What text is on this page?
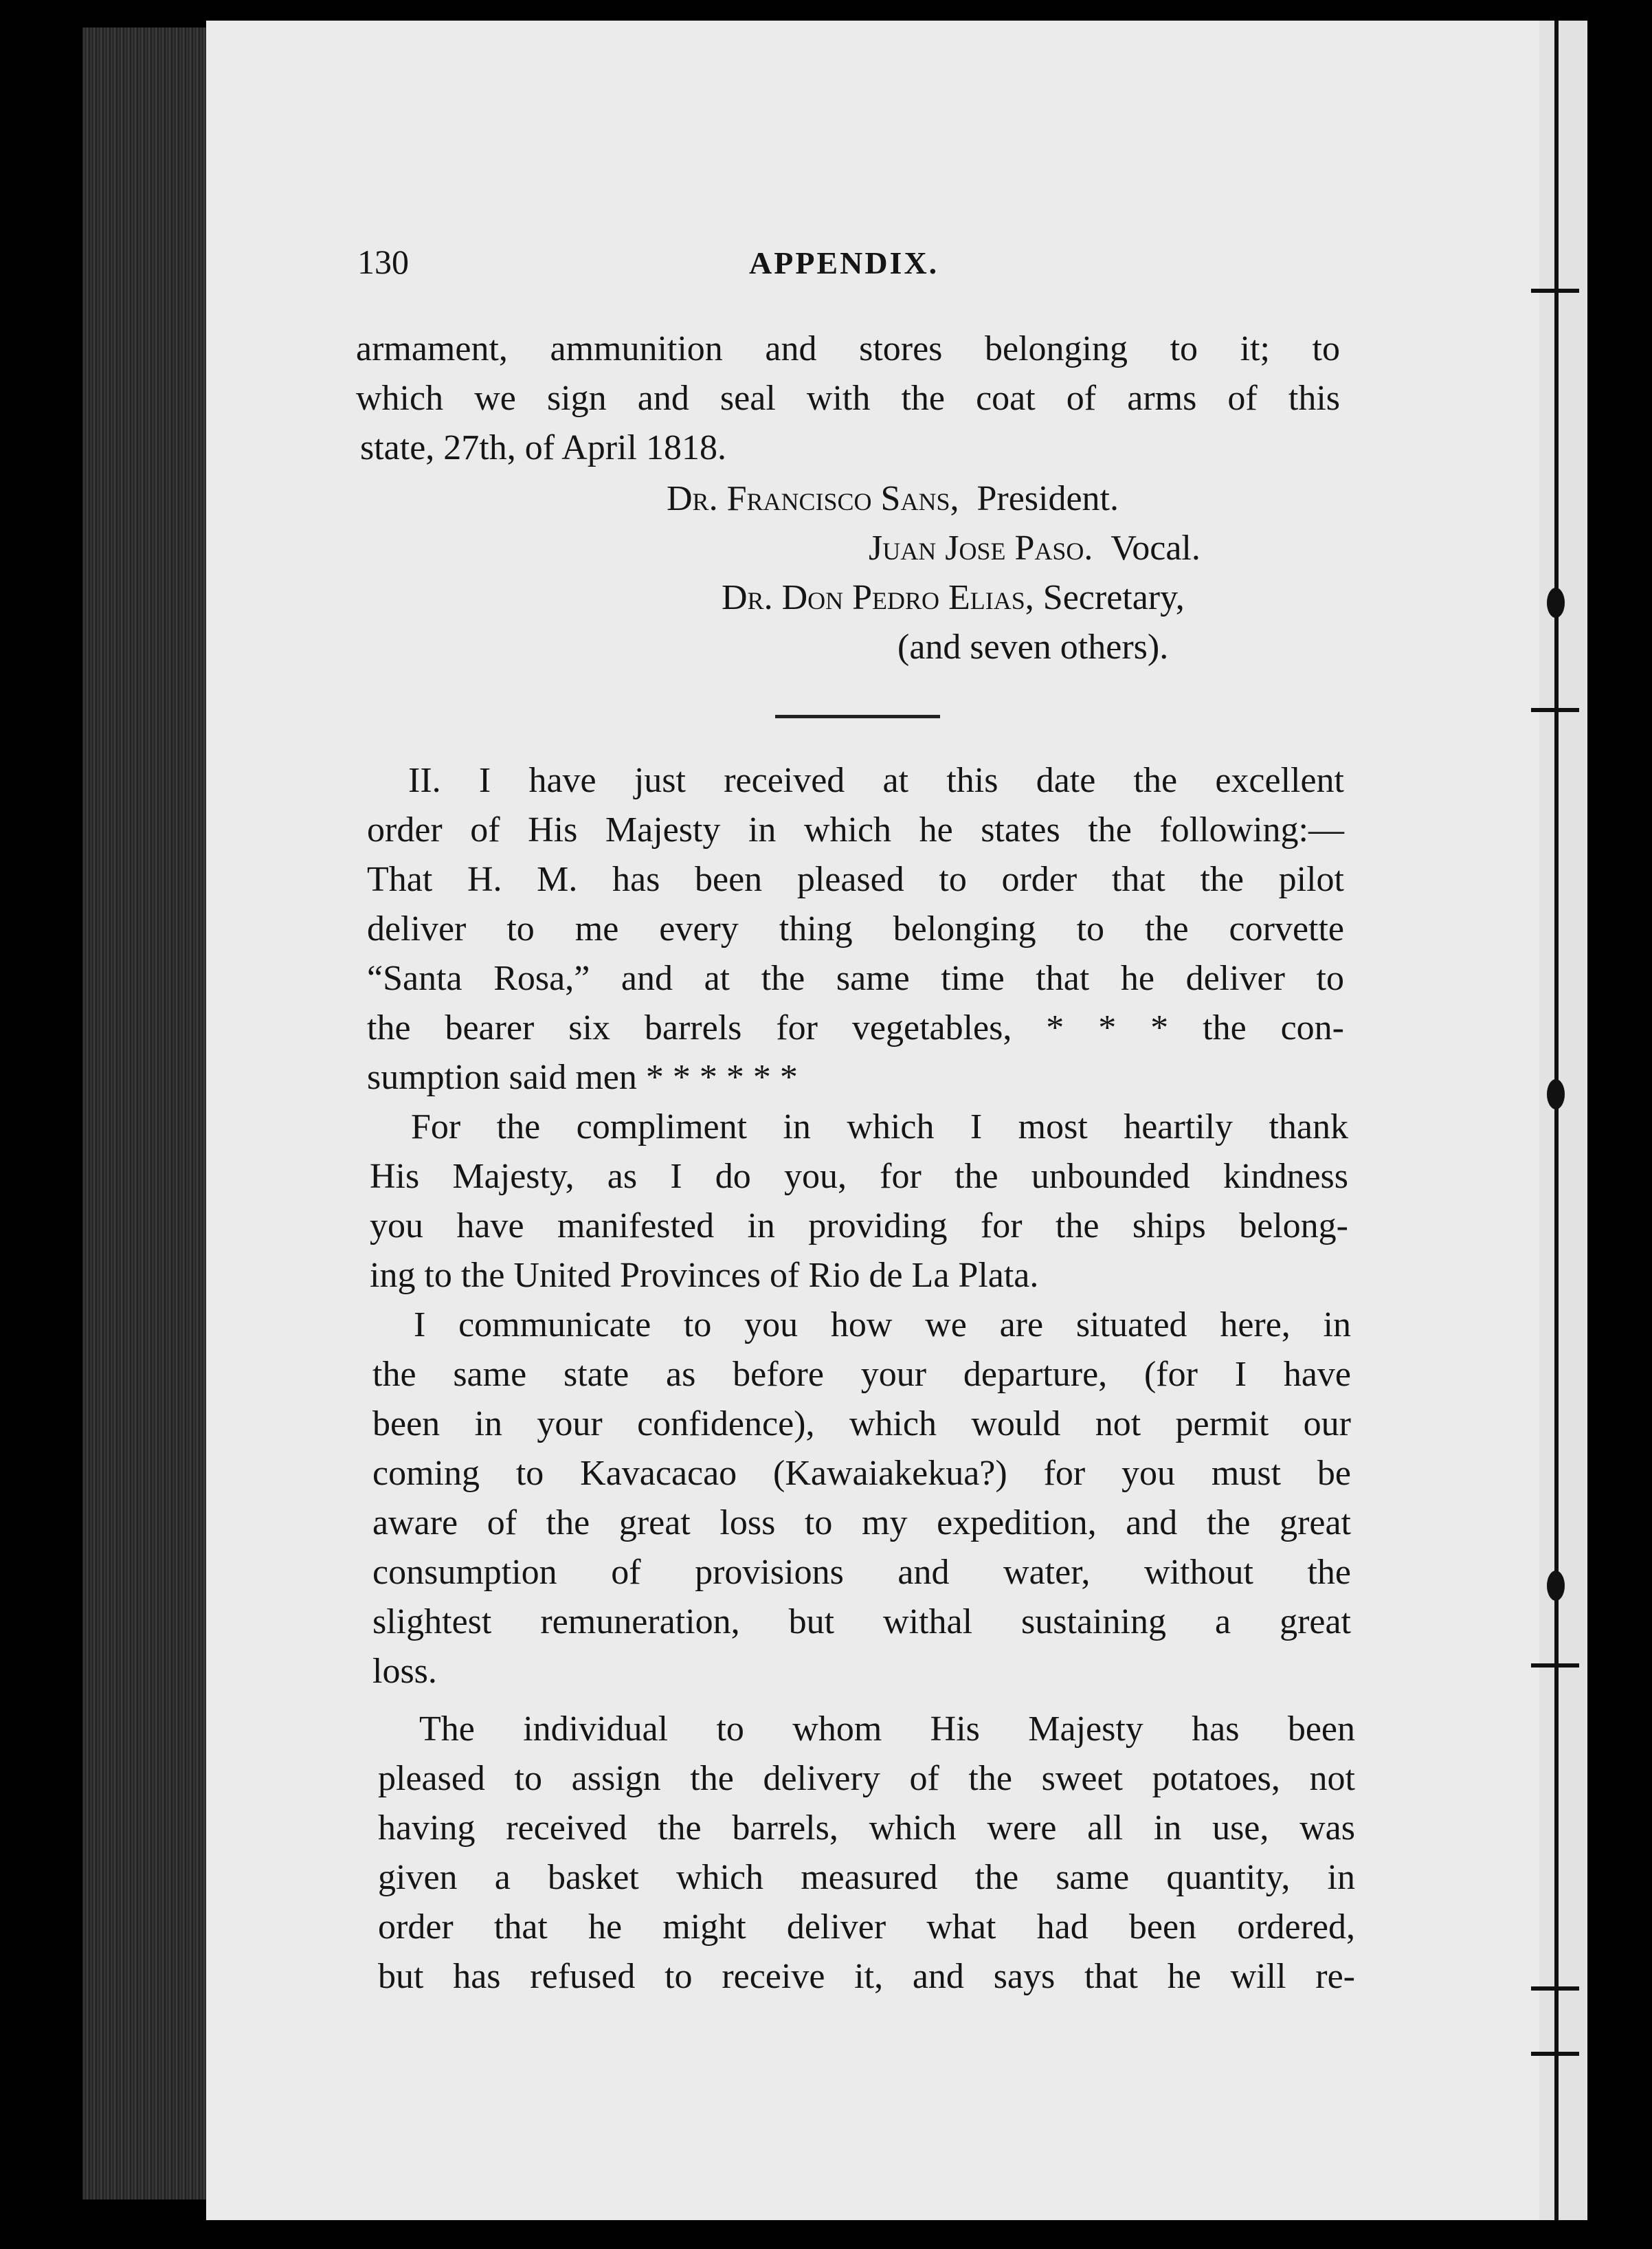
130	APPENDIX.
armament, ammunition and stores belonging to it; to
which we sign and seal with the coat of arms of this
state, 27th, of April 1818.
Dr. Francisco Sans, President.
Juan Jose Paso. Vocal.
Dr. Don Pedro Elias, Secretary,
(and seven others).
II. I have just received at this date the excellent
order of His Majesty in which he states the following:—
That H. M. has been pleased to order that the pilot
deliver to me every thing belonging to the corvette
“Santa Rosa,” and at the same time that he deliver to
the bearer six barrels for vegetables, * * * the con-
sumption said men * * * * * *
For the compliment in which I most heartily thank
His Majesty, as I do you, for the unbounded kindness
you have manifested in providing for the ships belong-
ing to the United Provinces of Rio de La Plata.
I communicate to you how we are situated here, in
the same state as before your departure, (for I have
been in your confidence), which would not permit our
coming to Kavacacao (Kawaiakekua?) for you must be
aware of the great loss to my expedition, and the great
consumption of provisions and water, without the
slightest remuneration, but withal sustaining a great
loss.
The individual to whom His Majesty has been
pleased to assign the delivery of the sweet potatoes, not
having received the barrels, which were all in use, was
given a basket which measured the same quantity, in
order that he might deliver what had been ordered,
but has refused to receive it, and says that he will re-
